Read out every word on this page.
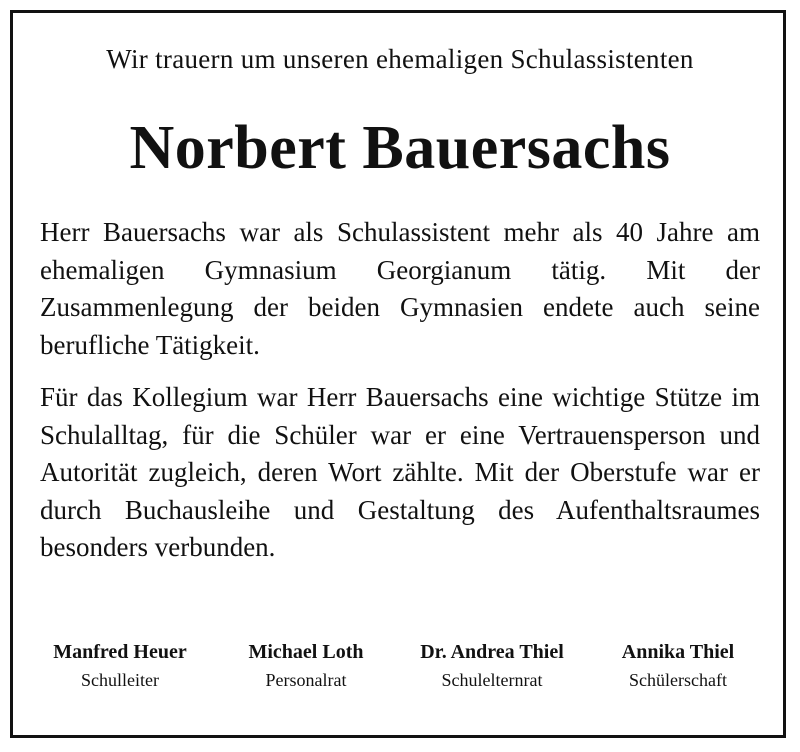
Wir trauern um unseren ehemaligen Schulassistenten
Norbert Bauersachs
Herr Bauersachs war als Schulassistent mehr als 40 Jahre am ehemaligen Gymnasium Georgianum tätig. Mit der Zusammenlegung der beiden Gymnasien endete auch seine berufliche Tätigkeit.
Für das Kollegium war Herr Bauersachs eine wichtige Stütze im Schulalltag, für die Schüler war er eine Vertrauensperson und Autorität zugleich, deren Wort zählte. Mit der Oberstufe war er durch Buchausleihe und Gestaltung des Aufenthaltsraumes besonders verbunden.
Manfred Heuer
Schulleiter
Michael Loth
Personalrat
Dr. Andrea Thiel
Schulelternrat
Annika Thiel
Schülerschaft
